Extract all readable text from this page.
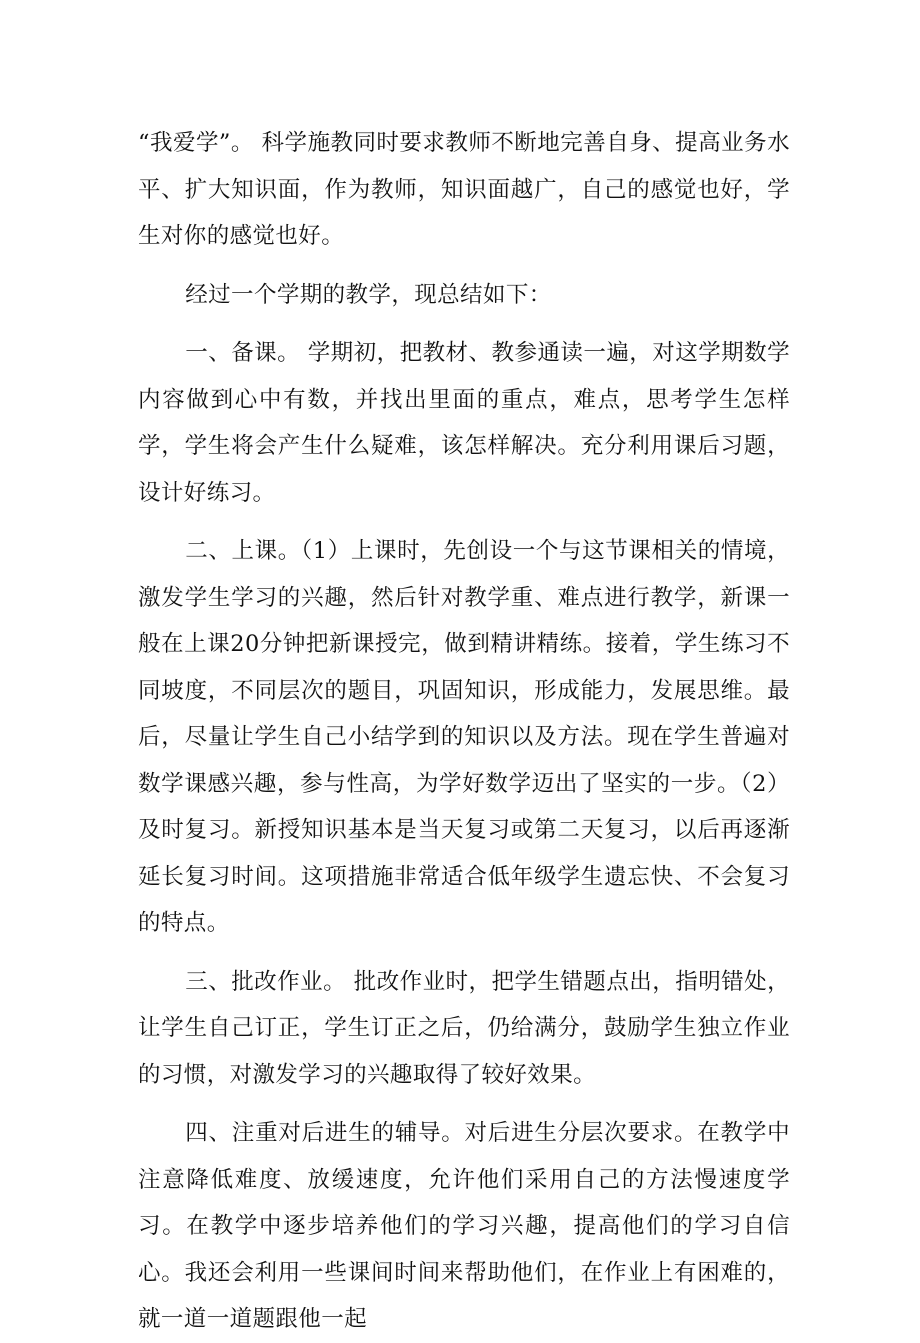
“我爱学”。 科学施教同时要求教师不断地完善自身、提高业务水平、扩大知识面，作为教师，知识面越广，自己的感觉也好，学生对你的感觉也好。

经过一个学期的教学，现总结如下：

一、备课。 学期初，把教材、教参通读一遍，对这学期数学内容做到心中有数，并找出里面的重点，难点，思考学生怎样学，学生将会产生什么疑难，该怎样解决。充分利用课后习题，设计好练习。

二、上课。（1）上课时，先创设一个与这节课相关的情境，激发学生学习的兴趣，然后针对教学重、难点进行教学，新课一般在上课20分钟把新课授完，做到精讲精练。接着，学生练习不同坡度，不同层次的题目，巩固知识，形成能力，发展思维。最后，尽量让学生自己小结学到的知识以及方法。现在学生普遍对数学课感兴趣，参与性高，为学好数学迈出了坚实的一步。（2）及时复习。新授知识基本是当天复习或第二天复习，以后再逐渐延长复习时间。这项措施非常适合低年级学生遗忘快、不会复习的特点。

三、批改作业。 批改作业时，把学生错题点出，指明错处，让学生自己订正，学生订正之后，仍给满分，鼓励学生独立作业的习惯，对激发学习的兴趣取得了较好效果。

四、注重对后进生的辅导。对后进生分层次要求。在教学中注意降低难度、放缓速度，允许他们采用自己的方法慢速度学习。在教学中逐步培养他们的学习兴趣，提高他们的学习自信心。我还会利用一些课间时间来帮助他们，在作业上有困难的，就一道一道题跟他一起
